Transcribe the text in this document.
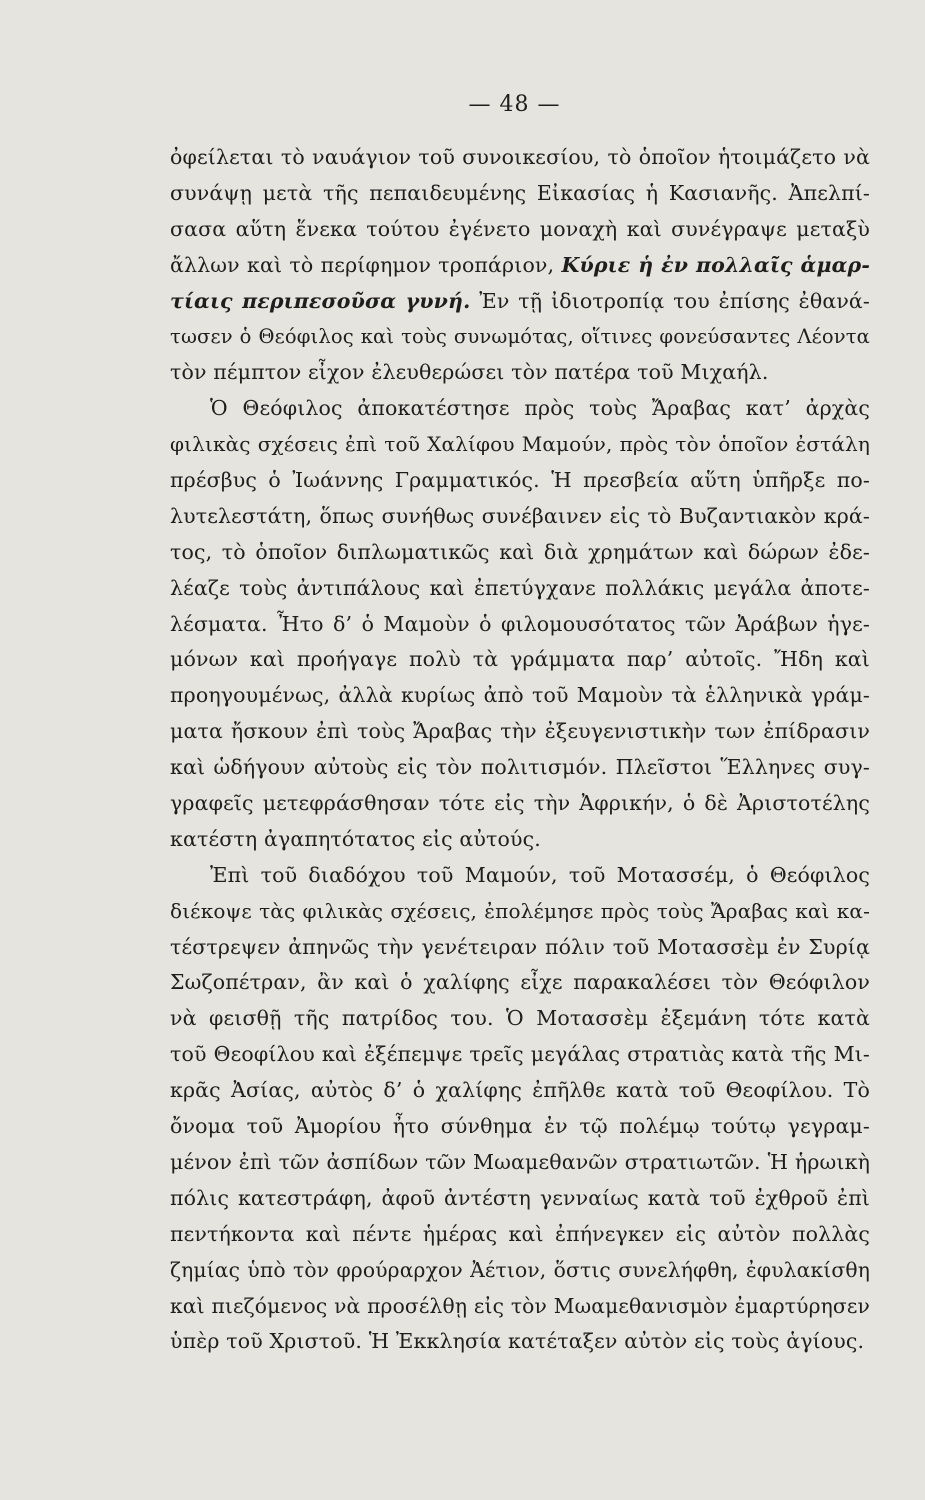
— 48 —
ὀφείλεται τὸ ναυάγιον τοῦ συνοικεσίου, τὸ ὁποῖον ἡτοιμάζετο νὰ
συνάψῃ μετὰ τῆς πεπαιδευμένης Εἰκασίας ἡ Κασιανῆς. Ἀπελπί-
σασα αὕτη ἕνεκα τούτου ἐγένετο μοναχὴ καὶ συνέγραψε μεταξὺ
ἄλλων καὶ τὸ περίφημον τροπάριον, Κύριε ἡ ἐν πολλαῖς ἁμαρ-
τίαις περιπεσοῦσα γυνή. Ἐν τῇ ἰδιοτροπίᾳ του ἐπίσης ἐθανά-
τωσεν ὁ Θεόφιλος καὶ τοὺς συνωμότας, οἵτινες φονεύσαντες Λέοντα
τὸν πέμπτον εἶχον ἐλευθερώσει τὸν πατέρα τοῦ Μιχαήλ.
Ὁ Θεόφιλος ἀποκατέστησε πρὸς τοὺς Ἄραβας κατ’ ἀρχὰς
φιλικὰς σχέσεις ἐπὶ τοῦ Χαλίφου Μαμούν, πρὸς τὸν ὁποῖον ἐστάλη
πρέσβυς ὁ Ἰωάννης Γραμματικός. Ἡ πρεσβεία αὕτη ὑπῆρξε πο-
λυτελεστάτη, ὅπως συνήθως συνέβαινεν εἰς τὸ Βυζαντιακὸν κρά-
τος, τὸ ὁποῖον διπλωματικῶς καὶ διὰ χρημάτων καὶ δώρων ἐδε-
λέαζε τοὺς ἀντιπάλους καὶ ἐπετύγχανε πολλάκις μεγάλα ἀποτε-
λέσματα. Ἦτο δ’ ὁ Μαμοὺν ὁ φιλομουσότατος τῶν Ἀράβων ἡγε-
μόνων καὶ προήγαγε πολὺ τὰ γράμματα παρ’ αὐτοῖς. Ἤδη καὶ
προηγουμένως, ἀλλὰ κυρίως ἀπὸ τοῦ Μαμοὺν τὰ ἑλληνικὰ γράμ-
ματα ἤσκουν ἐπὶ τοὺς Ἄραβας τὴν ἐξευγενιστικὴν των ἐπίδρασιν
καὶ ὡδήγουν αὐτοὺς εἰς τὸν πολιτισμόν. Πλεῖστοι Ἕλληνες συγ-
γραφεῖς μετεφράσθησαν τότε εἰς τὴν Ἀφρικήν, ὁ δὲ Ἀριστοτέλης
κατέστη ἀγαπητότατος εἰς αὐτούς.
Ἐπὶ τοῦ διαδόχου τοῦ Μαμούν, τοῦ Μοτασσέμ, ὁ Θεόφιλος
διέκοψε τὰς φιλικὰς σχέσεις, ἐπολέμησε πρὸς τοὺς Ἄραβας καὶ κα-
τέστρεψεν ἀπηνῶς τὴν γενέτειραν πόλιν τοῦ Μοτασσὲμ ἐν Συρίᾳ
Σωζοπέτραν, ἂν καὶ ὁ χαλίφης εἶχε παρακαλέσει τὸν Θεόφιλον
νὰ φεισθῇ τῆς πατρίδος του. Ὁ Μοτασσὲμ ἐξεμάνη τότε κατὰ
τοῦ Θεοφίλου καὶ ἐξέπεμψε τρεῖς μεγάλας στρατιὰς κατὰ τῆς Μι-
κρᾶς Ἀσίας, αὐτὸς δ’ ὁ χαλίφης ἐπῆλθε κατὰ τοῦ Θεοφίλου. Τὸ
ὄνομα τοῦ Ἀμορίου ἦτο σύνθημα ἐν τῷ πολέμῳ τούτῳ γεγραμ-
μένον ἐπὶ τῶν ἀσπίδων τῶν Μωαμεθανῶν στρατιωτῶν. Ἡ ἡρωικὴ
πόλις κατεστράφη, ἀφοῦ ἀντέστη γενναίως κατὰ τοῦ ἐχθροῦ ἐπὶ
πεντήκοντα καὶ πέντε ἡμέρας καὶ ἐπήνεγκεν εἰς αὐτὸν πολλὰς
ζημίας ὑπὸ τὸν φρούραρχον Ἀέτιον, ὅστις συνελήφθη, ἐφυλακίσθη
καὶ πιεζόμενος νὰ προσέλθῃ εἰς τὸν Μωαμεθανισμὸν ἐμαρτύρησεν
ὑπὲρ τοῦ Χριστοῦ. Ἡ Ἐκκλησία κατέταξεν αὐτὸν εἰς τοὺς ἁγίους.
